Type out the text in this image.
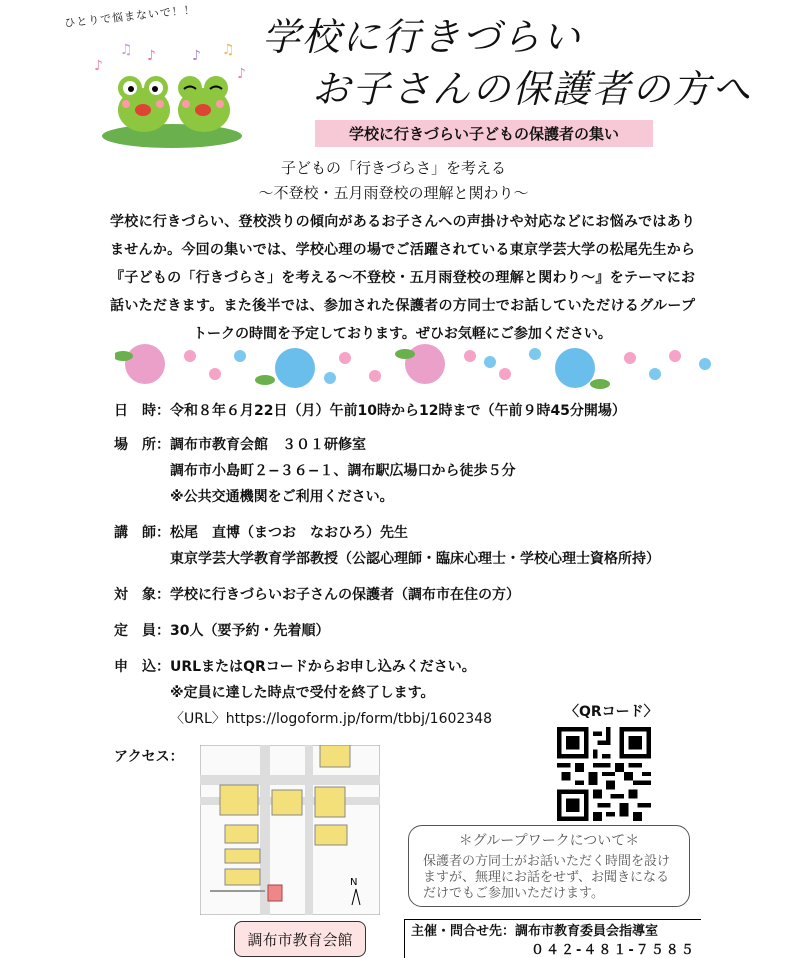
ひとりで悩まないで！！
♪
♫ ♪	♪ ♫
♪
学校に行きづらい
お子さんの保護者の方へ
学校に行きづらい子どもの保護者の集い
子どもの「行きづらさ」を考える
～不登校・五月雨登校の理解と関わり～
学校に行きづらい、登校渋りの傾向があるお子さんへの声掛けや対応などにお悩みではありませんか。今回の集いでは、学校心理の場でご活躍されている東京学芸大学の松尾先生から『子どもの「行きづらさ」を考える～不登校・五月雨登校の理解と関わり～』をテーマにお話いただきます。また後半では、参加された保護者の方同士でお話していただけるグループトークの時間を予定しております。ぜひお気軽にご参加ください。
日　時：令和８年６月22日（月）午前10時から12時まで（午前９時45分開場）
場　所：調布市教育会館　３０１研修室
調布市小島町２−３６−１、調布駅広場口から徒歩５分
※公共交通機関をご利用ください。
講　師：松尾　直博（まつお　なおひろ）先生
東京学芸大学教育学部教授（公認心理師・臨床心理士・学校心理士資格所持）
対　象：学校に行きづらいお子さんの保護者（調布市在住の方）
定　員：30人（要予約・先着順）
申　込：URLまたはQRコードからお申し込みください。
※定員に達した時点で受付を終了します。
〈URL〉https://logoform.jp/form/tbbj/1602348	〈QRコード〉
アクセス：
N
調布市教育会館
＊グループワークについて＊
保護者の方同士がお話いただく時間を設けますが、無理にお話をせず、お聞きになるだけでもご参加いただけます。
主催・問合せ先：調布市教育委員会指導室
０４２-４８１-７５８５
